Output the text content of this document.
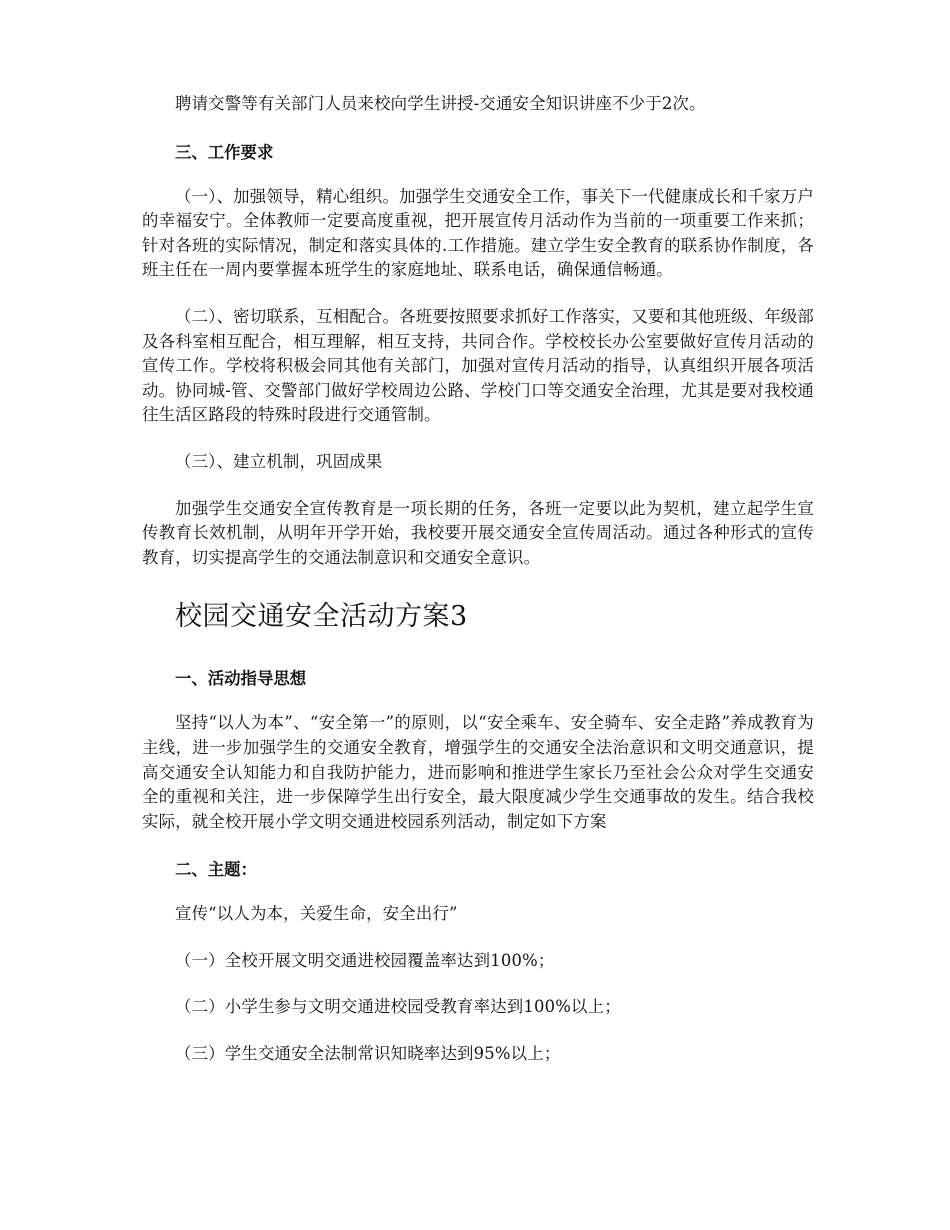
聘请交警等有关部门人员来校向学生讲授-交通安全知识讲座不少于2次。

三、工作要求

（一）、加强领导，精心组织。加强学生交通安全工作，事关下一代健康成长和千家万户的幸福安宁。全体教师一定要高度重视，把开展宣传月活动作为当前的一项重要工作来抓；针对各班的实际情况，制定和落实具体的.工作措施。建立学生安全教育的联系协作制度，各班主任在一周内要掌握本班学生的家庭地址、联系电话，确保通信畅通。

（二）、密切联系，互相配合。各班要按照要求抓好工作落实，又要和其他班级、年级部及各科室相互配合，相互理解，相互支持，共同合作。学校校长办公室要做好宣传月活动的宣传工作。学校将积极会同其他有关部门，加强对宣传月活动的指导，认真组织开展各项活动。协同城-管、交警部门做好学校周边公路、学校门口等交通安全治理，尤其是要对我校通往生活区路段的特殊时段进行交通管制。

（三）、建立机制，巩固成果

加强学生交通安全宣传教育是一项长期的任务，各班一定要以此为契机，建立起学生宣传教育长效机制，从明年开学开始，我校要开展交通安全宣传周活动。通过各种形式的宣传教育，切实提高学生的交通法制意识和交通安全意识。

校园交通安全活动方案3
一、活动指导思想

坚持“以人为本”、“安全第一”的原则，以“安全乘车、安全骑车、安全走路”养成教育为主线，进一步加强学生的交通安全教育，增强学生的交通安全法治意识和文明交通意识，提高交通安全认知能力和自我防护能力，进而影响和推进学生家长乃至社会公众对学生交通安全的重视和关注，进一步保障学生出行安全，最大限度减少学生交通事故的发生。结合我校实际，就全校开展小学文明交通进校园系列活动，制定如下方案

二、主题：

宣传“以人为本，关爱生命，安全出行”

（一）全校开展文明交通进校园覆盖率达到100%；

（二）小学生参与文明交通进校园受教育率达到100%以上；

（三）学生交通安全法制常识知晓率达到95%以上；
